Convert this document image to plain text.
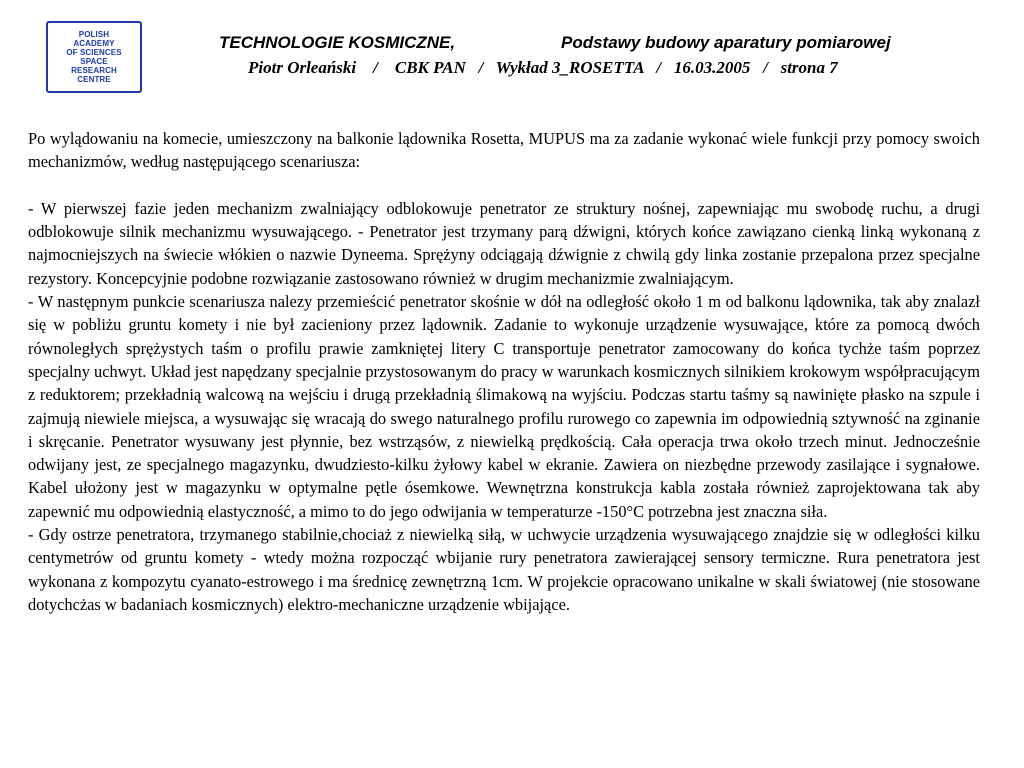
POLISH
ACADEMY
OF SCIENCES
SPACE
RESEARCH
CENTRE
TECHNOLOGIE KOSMICZNE,	Podstawy budowy aparatury pomiarowej
Piotr Orleański    /    CBK PAN   /   Wykład 3_ROSETTA   /   16.03.2005   /   strona 7

Po wylądowaniu na komecie, umieszczony na balkonie lądownika Rosetta, MUPUS ma za zadanie wykonać wiele funkcji przy pomocy swoich mechanizmów, według następującego scenariusza:

- W pierwszej fazie jeden mechanizm zwalniający odblokowuje penetrator ze struktury nośnej, zapewniając mu swobodę ruchu, a drugi odblokowuje silnik mechanizmu wysuwającego. - Penetrator jest trzymany parą dźwigni, których końce zawiązano cienką linką wykonaną z najmocniejszych na świecie włókien o nazwie Dyneema. Sprężyny odciągają dźwignie z chwilą gdy linka zostanie przepalona przez specjalne rezystory. Koncepcyjnie podobne rozwiązanie zastosowano również w drugim mechanizmie zwalniającym.

- W następnym punkcie scenariusza nalezy przemieścić penetrator skośnie w dół na odległość około 1 m od balkonu lądownika, tak aby znalazł się w pobliżu gruntu komety i nie był zacieniony przez lądownik. Zadanie to wykonuje urządzenie wysuwające, które za pomocą dwóch równoległych sprężystych taśm o profilu prawie zamkniętej litery C transportuje penetrator zamocowany do końca tychże taśm poprzez specjalny uchwyt. Układ jest napędzany specjalnie przystosowanym do pracy w warunkach kosmicznych silnikiem krokowym współpracującym z reduktorem; przekładnią walcową na wejściu i drugą przekładnią ślimakową na wyjściu. Podczas startu taśmy są nawinięte płasko na szpule i zajmują niewiele miejsca, a wysuwając się wracają do swego naturalnego profilu rurowego co zapewnia im odpowiednią sztywność na zginanie i skręcanie. Penetrator wysuwany jest płynnie, bez wstrząsów, z niewielką prędkością. Cała operacja trwa około trzech minut. Jednocześnie odwijany jest, ze specjalnego magazynku, dwudziesto-kilku żyłowy kabel w ekranie. Zawiera on niezbędne przewody zasilające i sygnałowe. Kabel ułożony jest w magazynku w optymalne pętle ósemkowe. Wewnętrzna konstrukcja kabla została również zaprojektowana tak aby zapewnić mu odpowiednią elastyczność, a mimo to do jego odwijania w temperaturze -150°C potrzebna jest znaczna siła.

- Gdy ostrze penetratora, trzymanego stabilnie,chociaż z niewielką siłą, w uchwycie urządzenia wysuwającego znajdzie się w odległości kilku centymetrów od gruntu komety - wtedy można rozpocząć wbijanie rury penetratora zawierającej sensory termiczne. Rura penetratora jest wykonana z kompozytu cyanato-estrowego i ma średnicę zewnętrzną 1cm. W projekcie opracowano unikalne w skali światowej (nie stosowane dotychcżas w badaniach kosmicznych) elektro-mechaniczne urządzenie wbijające.
